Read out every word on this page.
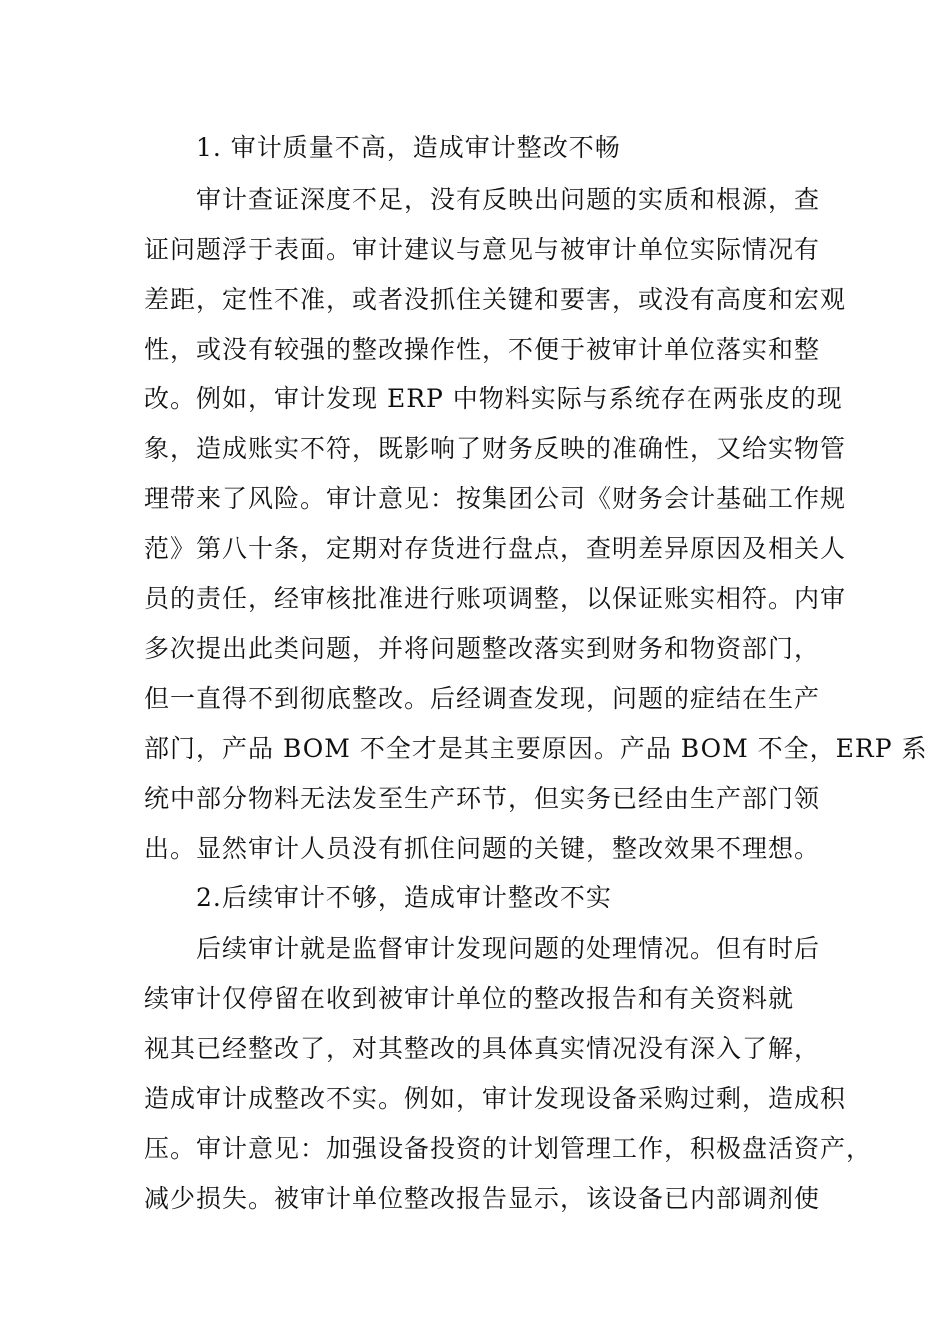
1. 审计质量不高，造成审计整改不畅
审计查证深度不足，没有反映出问题的实质和根源，查
证问题浮于表面。审计建议与意见与被审计单位实际情况有
差距，定性不准，或者没抓住关键和要害，或没有高度和宏观
性，或没有较强的整改操作性，不便于被审计单位落实和整
改。例如，审计发现 ERP 中物料实际与系统存在两张皮的现
象，造成账实不符，既影响了财务反映的准确性，又给实物管
理带来了风险。审计意见：按集团公司《财务会计基础工作规
范》第八十条，定期对存货进行盘点，查明差异原因及相关人
员的责任，经审核批准进行账项调整，以保证账实相符。内审
多次提出此类问题，并将问题整改落实到财务和物资部门，
但一直得不到彻底整改。后经调查发现，问题的症结在生产
部门，产品 BOM 不全才是其主要原因。产品 BOM 不全，ERP 系
统中部分物料无法发至生产环节，但实务已经由生产部门领
出。显然审计人员没有抓住问题的关键，整改效果不理想。
2.后续审计不够，造成审计整改不实
后续审计就是监督审计发现问题的处理情况。但有时后
续审计仅停留在收到被审计单位的整改报告和有关资料就
视其已经整改了，对其整改的具体真实情况没有深入了解，
造成审计成整改不实。例如，审计发现设备采购过剩，造成积
压。审计意见：加强设备投资的计划管理工作，积极盘活资产，
减少损失。被审计单位整改报告显示，该设备已内部调剂使
